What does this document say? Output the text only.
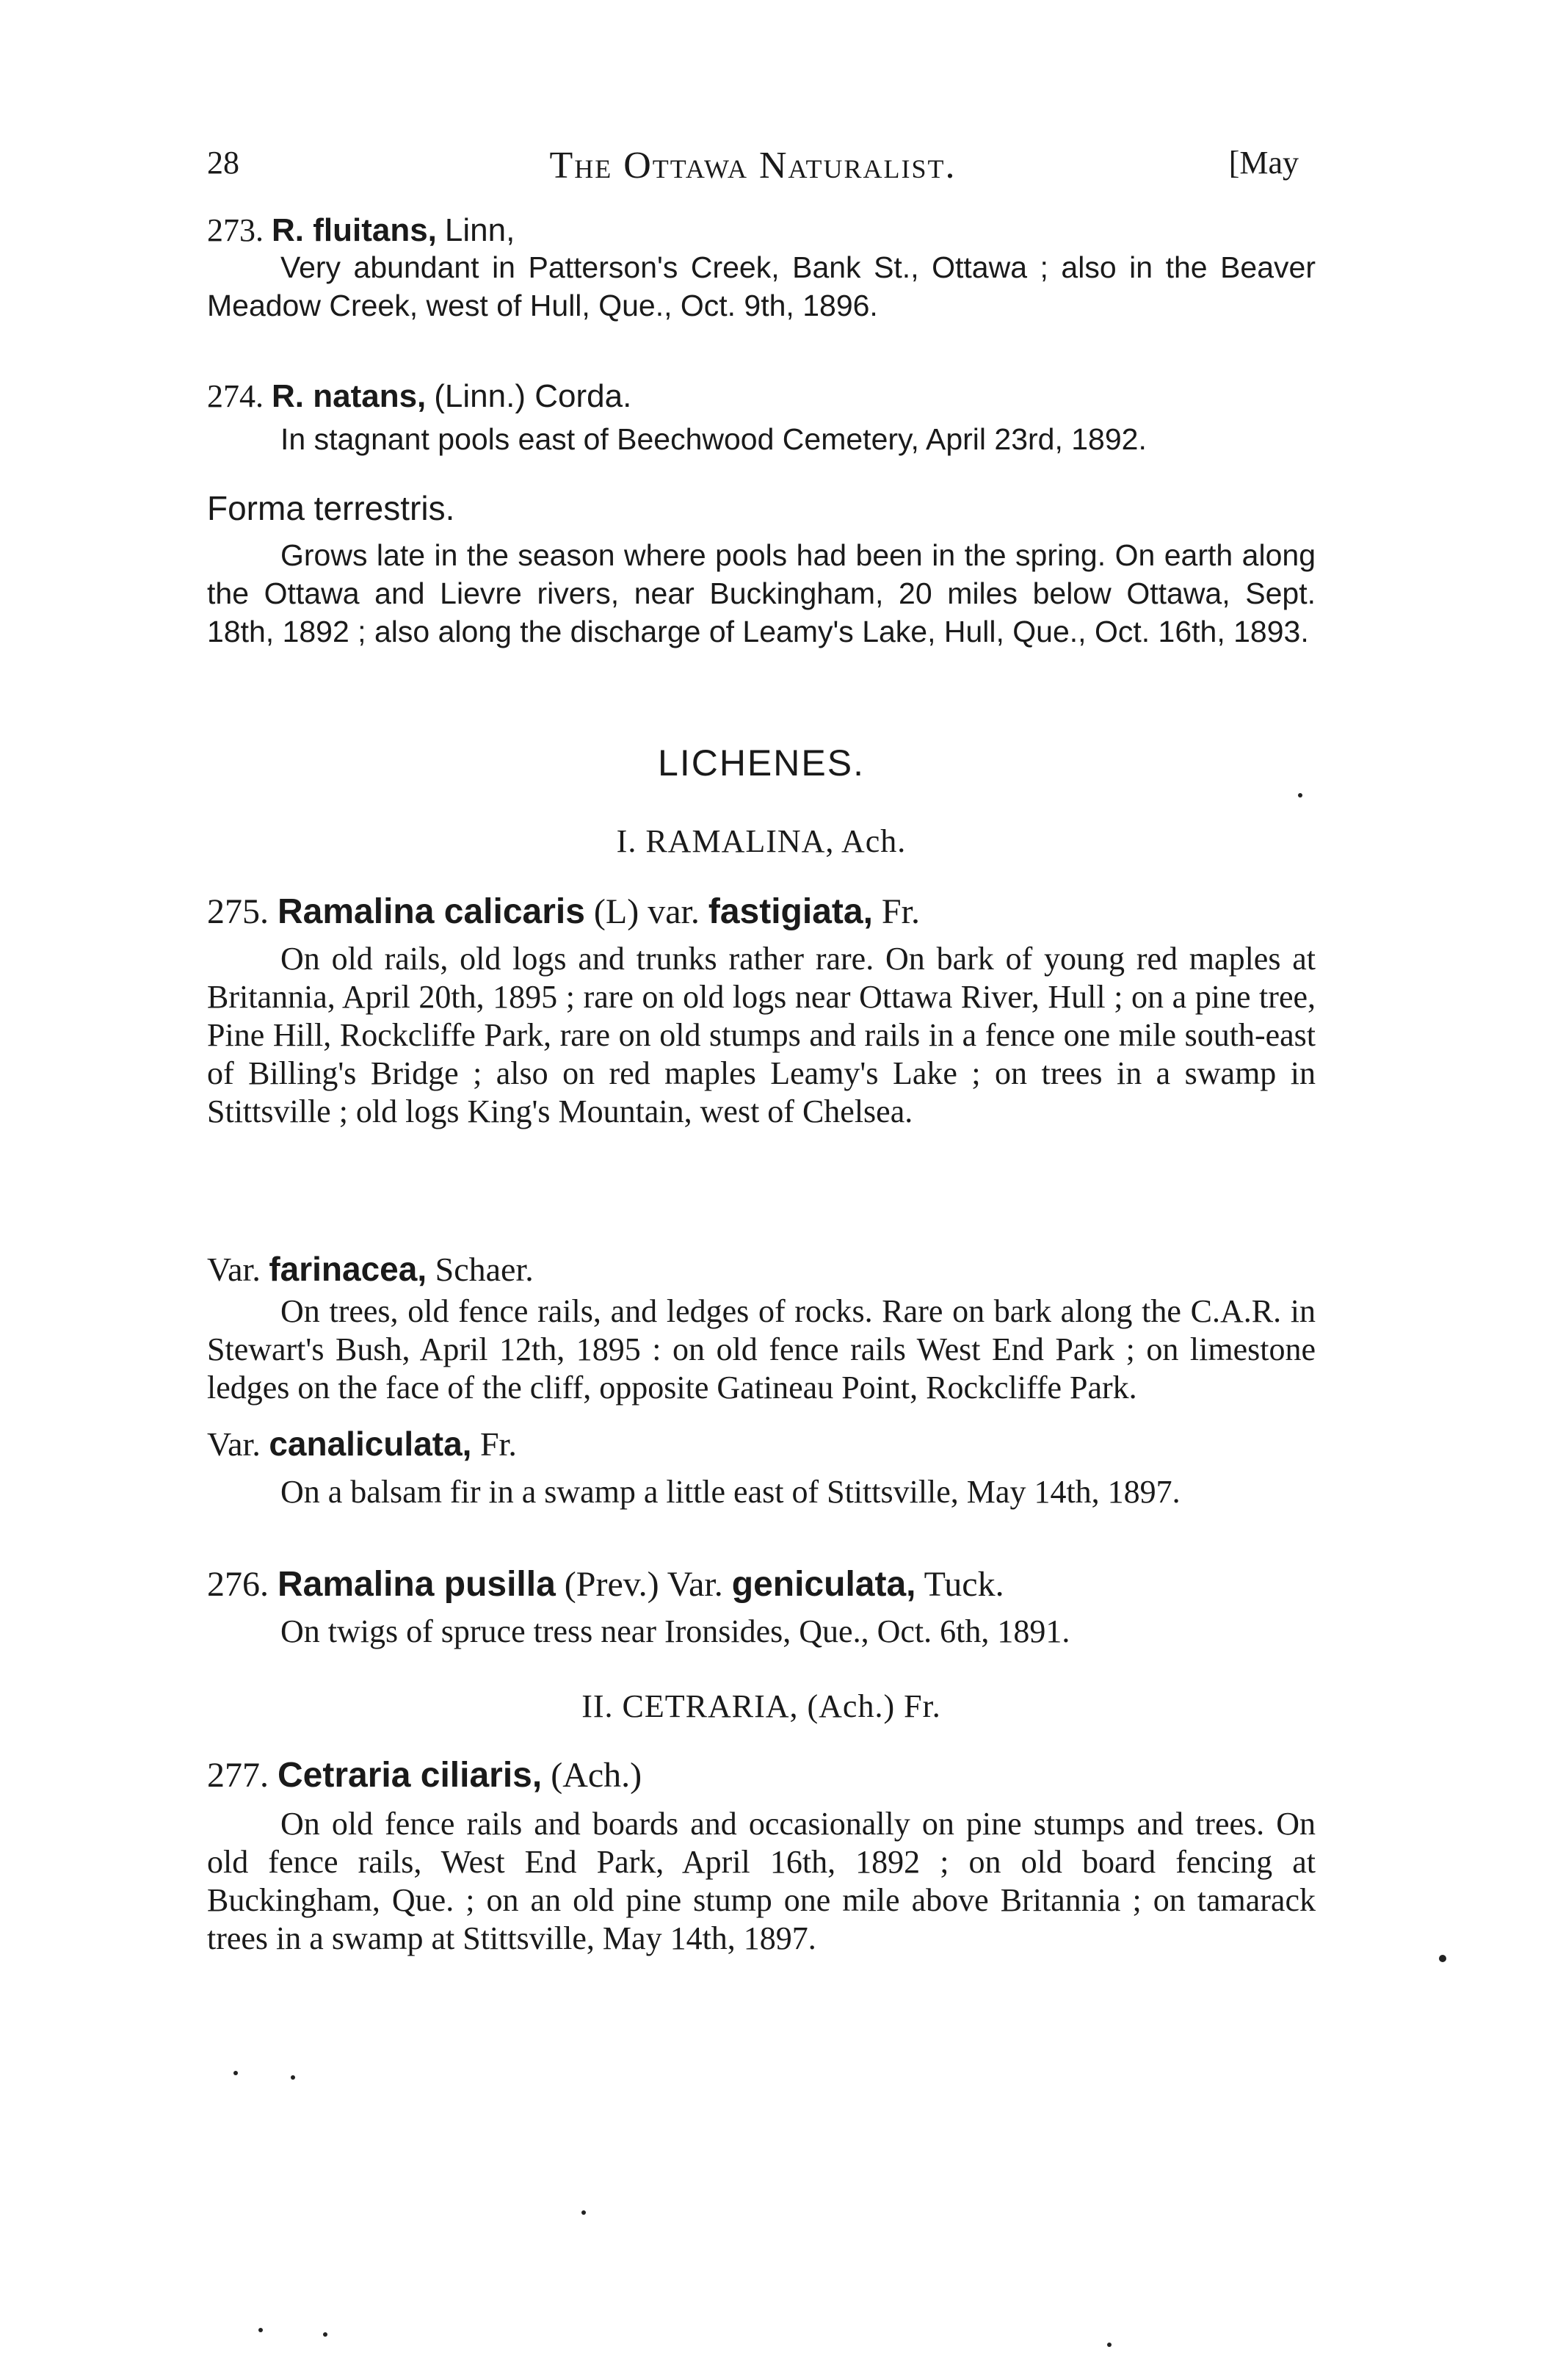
28	The Ottawa Naturalist.	[May
273. R. fluitans, Linn,
Very abundant in Patterson's Creek, Bank St., Ottawa ; also in the Beaver Meadow Creek, west of Hull, Que., Oct. 9th, 1896.
274. R. natans, (Linn.) Corda.
In stagnant pools east of Beechwood Cemetery, April 23rd, 1892.
Forma terrestris.
Grows late in the season where pools had been in the spring. On earth along the Ottawa and Lievre rivers, near Buckingham, 20 miles below Ottawa, Sept. 18th, 1892 ; also along the discharge of Leamy's Lake, Hull, Que., Oct. 16th, 1893.
LICHENES.
I. RAMALINA, Ach.
275. Ramalina calicaris (L) var. fastigiata, Fr.
On old rails, old logs and trunks rather rare. On bark of young red maples at Britannia, April 20th, 1895 ; rare on old logs near Ottawa River, Hull ; on a pine tree, Pine Hill, Rockcliffe Park, rare on old stumps and rails in a fence one mile south-east of Billing's Bridge ; also on red maples Leamy's Lake ; on trees in a swamp in Stittsville ; old logs King's Mountain, west of Chelsea.
Var. farinacea, Schaer.
On trees, old fence rails, and ledges of rocks. Rare on bark along the C.A.R. in Stewart's Bush, April 12th, 1895 : on old fence rails West End Park ; on limestone ledges on the face of the cliff, opposite Gatineau Point, Rockcliffe Park.
Var. canaliculata, Fr.
On a balsam fir in a swamp a little east of Stittsville, May 14th, 1897.
276. Ramalina pusilla (Prev.) Var. geniculata, Tuck.
On twigs of spruce tress near Ironsides, Que., Oct. 6th, 1891.
II. CETRARIA, (Ach.) Fr.
277. Cetraria ciliaris, (Ach.)
On old fence rails and boards and occasionally on pine stumps and trees. On old fence rails, West End Park, April 16th, 1892 ; on old board fencing at Buckingham, Que. ; on an old pine stump one mile above Britannia ; on tamarack trees in a swamp at Stittsville, May 14th, 1897.
